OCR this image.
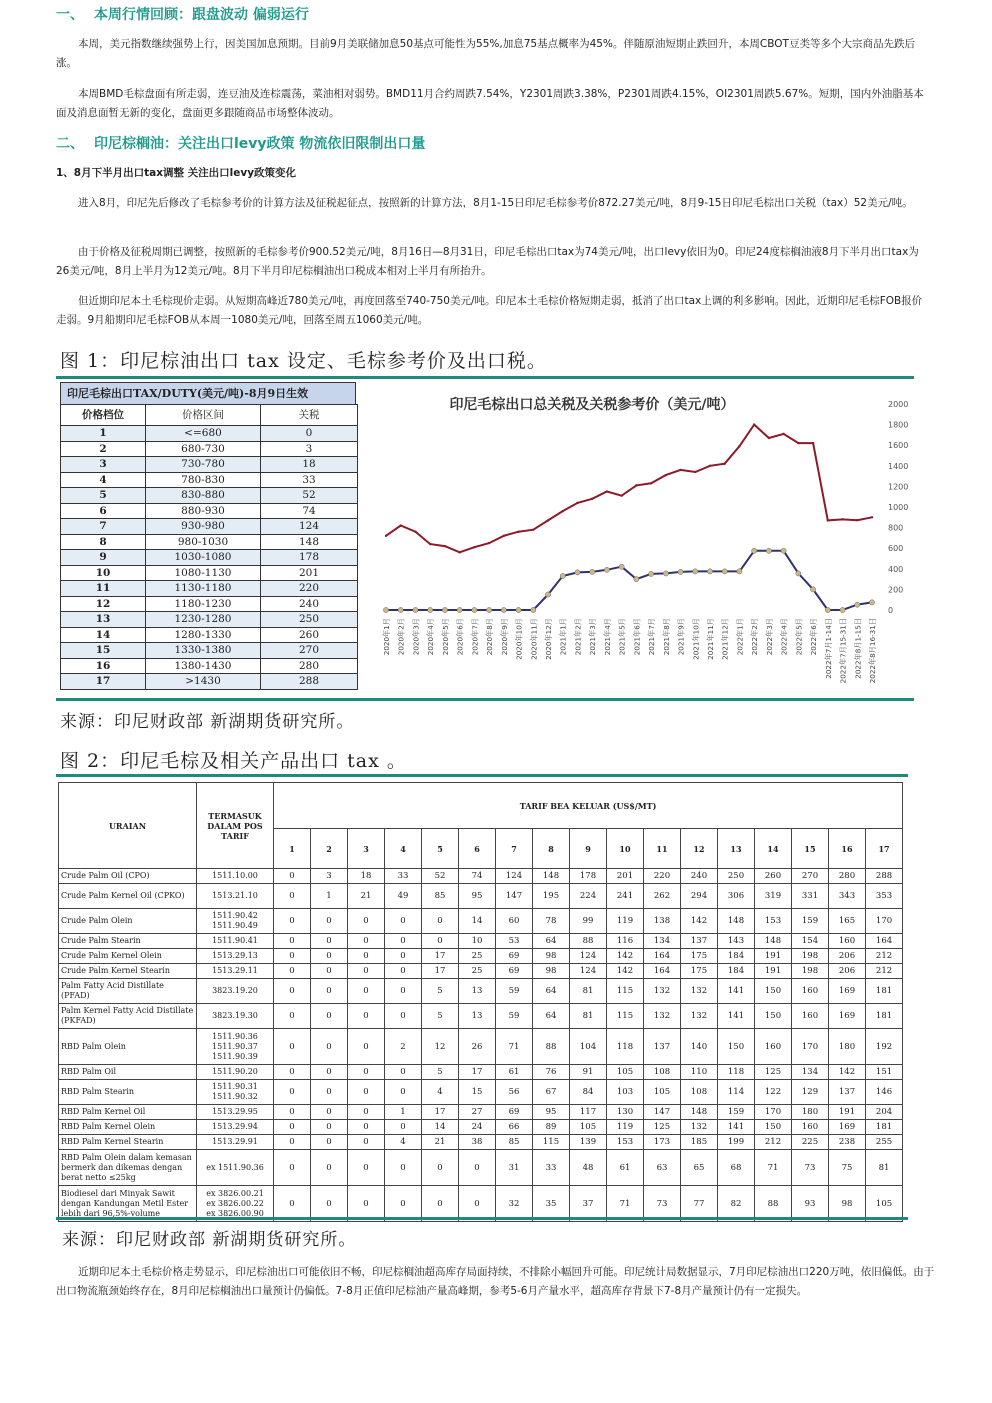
一、 本周行情回顾：跟盘波动 偏弱运行
本周，美元指数继续强势上行，因美国加息预期。目前9月美联储加息50基点可能性为55%,加息75基点概率为45%。伴随原油短期止跌回升，本周CBOT豆类等多个大宗商品先跌后涨。
本周BMD毛棕盘面有所走弱，连豆油及连棕震荡，菜油相对弱势。BMD11月合约周跌7.54%，Y2301周跌3.38%，P2301周跌4.15%，OI2301周跌5.67%。短期，国内外油脂基本面及消息面暂无新的变化，盘面更多跟随商品市场整体波动。
二、 印尼棕榈油：关注出口levy政策 物流依旧限制出口量
1、8月下半月出口tax调整 关注出口levy政策变化
进入8月，印尼先后修改了毛棕参考价的计算方法及征税起征点，按照新的计算方法，8月1-15日印尼毛棕参考价872.27美元/吨，8月9-15日印尼毛棕出口关税（tax）52美元/吨。
由于价格及征税周期已调整，按照新的毛棕参考价900.52美元/吨，8月16日—8月31日，印尼毛棕出口tax为74美元/吨，出口levy依旧为0。印尼24度棕榈油液8月下半月出口tax为26美元/吨，8月上半月为12美元/吨。8月下半月印尼棕榈油出口税成本相对上半月有所抬升。
但近期印尼本土毛棕现价走弱。从短期高峰近780美元/吨，再度回落至740-750美元/吨。印尼本土毛棕价格短期走弱，抵消了出口tax上调的利多影响。因此，近期印尼毛棕FOB报价走弱。9月船期印尼毛棕FOB从本周一1080美元/吨，回落至周五1060美元/吨。
图 1：印尼棕油出口 tax 设定、毛棕参考价及出口税。
印尼毛棕出口TAX/DUTY(美元/吨)-8月9日生效
价格档位	价格区间	关税
1	<=680	0
2	680-730	3
3	730-780	18
4	780-830	33
5	830-880	52
6	880-930	74
7	930-980	124
8	980-1030	148
9	1030-1080	178
10	1080-1130	201
11	1130-1180	220
12	1180-1230	240
13	1230-1280	250
14	1280-1330	260
15	1330-1380	270
16	1380-1430	280
17	>1430	288
印尼毛棕出口总关税及关税参考价（美元/吨）
0
200
400
600
800
1000
1200
1400
1600
1800
2000
2020年1月 2020年2月 2020年3月 2020年4月 2020年5月 2020年6月 2020年7月 2020年8月 2020年9月 2020年10月 2020年11月 2020年12月 2021年1月 2021年2月 2021年3月 2021年4月 2021年5月 2021年6月 2021年7月 2021年8月 2021年9月 2021年10月 2021年11月 2021年12月 2022年1月 2022年2月 2022年3月 2022年4月 2022年5月 2022年6月 2022年7月1-14日 2022年7月15-31日 2022年8月1-15日 2022年8月16-31日
来源：印尼财政部 新湖期货研究所。
图 2：印尼毛棕及相关产品出口 tax 。
URAIAN	TERMASUK DALAM POS TARIF	TARIF BEA KELUAR (US$/MT)																
		1	2	3	4	5	6	7	8	9	10	11	12	13	14	15	16	17
Crude Palm Oil (CPO)	1511.10.00	0	3	18	33	52	74	124	148	178	201	220	240	250	260	270	280	288
Crude Palm Kernel Oil (CPKO)	1513.21.10	0	1	21	49	85	95	147	195	224	241	262	294	306	319	331	343	353
Crude Palm Olein	1511.90.42
1511.90.49	0	0	0	0	0	14	60	78	99	119	138	142	148	153	159	165	170
Crude Palm Stearin	1511.90.41	0	0	0	0	0	10	53	64	88	116	134	137	143	148	154	160	164
Crude Palm Kernel Olein	1513.29.13	0	0	0	0	17	25	69	98	124	142	164	175	184	191	198	206	212
Crude Palm Kernel Stearin	1513.29.11	0	0	0	0	17	25	69	98	124	142	164	175	184	191	198	206	212
Palm Fatty Acid Distillate (PFAD)	3823.19.20	0	0	0	0	5	13	59	64	81	115	132	132	141	150	160	169	181
Palm Kernel Fatty Acid Distillate (PKFAD)	3823.19.30	0	0	0	0	5	13	59	64	81	115	132	132	141	150	160	169	181
RBD Palm Olein	1511.90.36
1511.90.37
1511.90.39	0	0	0	2	12	26	71	88	104	118	137	140	150	160	170	180	192
RBD Palm Oil	1511.90.20	0	0	0	0	5	17	61	76	91	105	108	110	118	125	134	142	151
RBD Palm Stearin	1511.90.31
1511.90.32	0	0	0	0	4	15	56	67	84	103	105	108	114	122	129	137	146
RBD Palm Kernel Oil	1513.29.95	0	0	0	1	17	27	69	95	117	130	147	148	159	170	180	191	204
RBD Palm Kernel Olein	1513.29.94	0	0	0	0	14	24	66	89	105	119	125	132	141	150	160	169	181
RBD Palm Kernel Stearin	1513.29.91	0	0	0	4	21	38	85	115	139	153	173	185	199	212	225	238	255
RBD Palm Olein dalam kemasan bermerk dan dikemas dengan berat netto ≤25kg	ex 1511.90.36	0	0	0	0	0	0	31	33	48	61	63	65	68	71	73	75	81
Biodiesel dari Minyak Sawit dengan Kandungan Metil Ester lebih dari 96,5%-volume	ex 3826.00.21
ex 3826.00.22
ex 3826.00.90	0	0	0	0	0	0	32	35	37	71	73	77	82	88	93	98	105
来源：印尼财政部 新湖期货研究所。
近期印尼本土毛棕价格走势显示，印尼棕油出口可能依旧不畅，印尼棕榈油超高库存局面持续，不排除小幅回升可能。印尼统计局数据显示，7月印尼棕油出口220万吨，依旧偏低。由于出口物流瓶颈始终存在，8月印尼棕榈油出口量预计仍偏低。7-8月正值印尼棕油产量高峰期，参考5-6月产量水平，超高库存背景下7-8月产量预计仍有一定损失。
